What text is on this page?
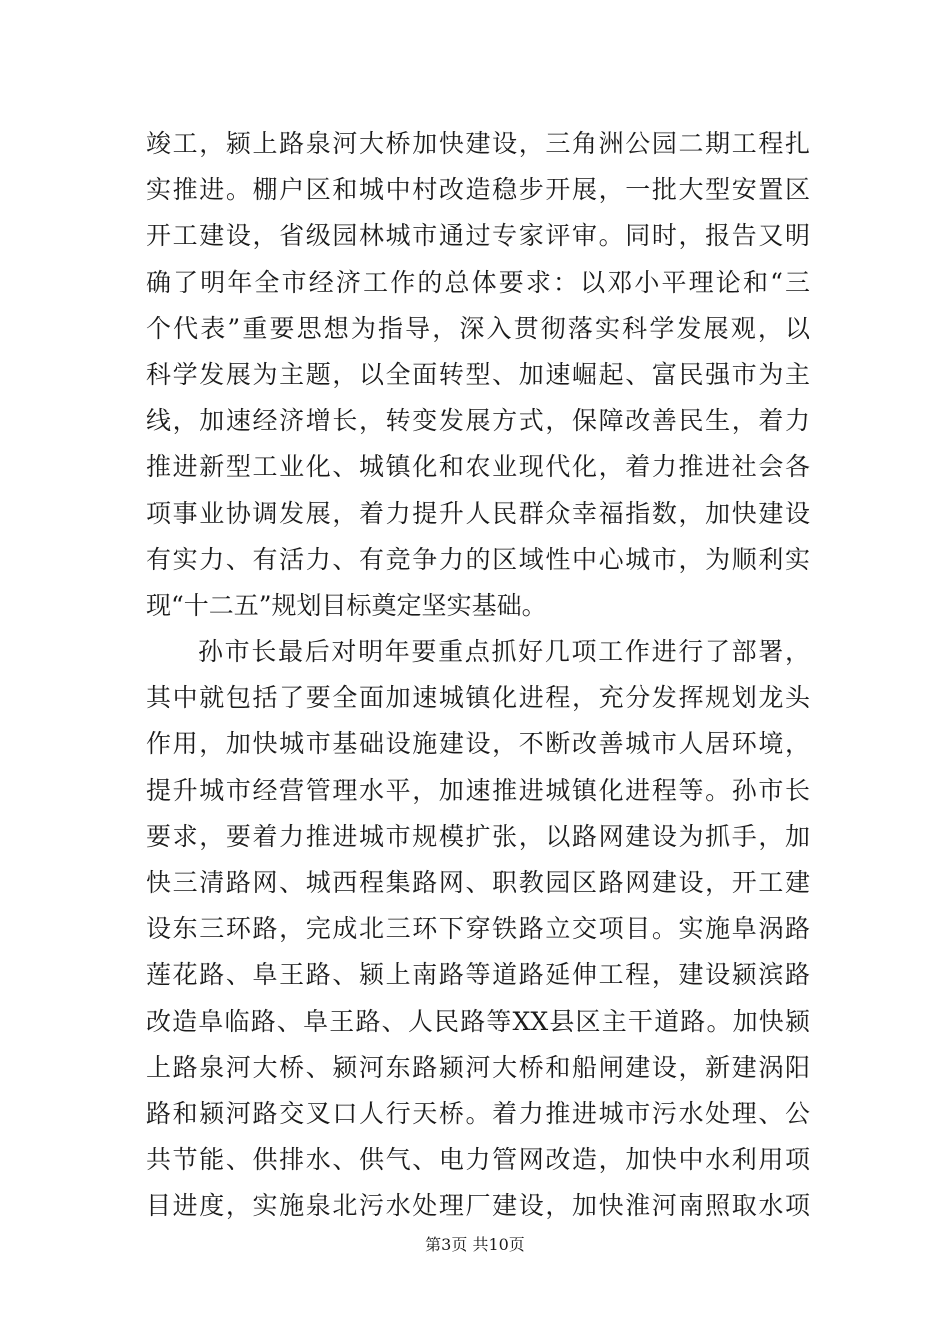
竣工，颍上路泉河大桥加快建设，三角洲公园二期工程扎
实推进。棚户区和城中村改造稳步开展，一批大型安置区
开工建设，省级园林城市通过专家评审。同时，报告又明
确了明年全市经济工作的总体要求：以邓小平理论和“三
个代表”重要思想为指导，深入贯彻落实科学发展观，以
科学发展为主题，以全面转型、加速崛起、富民强市为主
线，加速经济增长，转变发展方式，保障改善民生，着力
推进新型工业化、城镇化和农业现代化，着力推进社会各
项事业协调发展，着力提升人民群众幸福指数，加快建设
有实力、有活力、有竞争力的区域性中心城市，为顺利实
现“十二五”规划目标奠定坚实基础。
孙市长最后对明年要重点抓好几项工作进行了部署，
其中就包括了要全面加速城镇化进程，充分发挥规划龙头
作用，加快城市基础设施建设，不断改善城市人居环境，
提升城市经营管理水平，加速推进城镇化进程等。孙市长
要求，要着力推进城市规模扩张，以路网建设为抓手，加
快三清路网、城西程集路网、职教园区路网建设，开工建
设东三环路，完成北三环下穿铁路立交项目。实施阜涡路
莲花路、阜王路、颍上南路等道路延伸工程，建设颍滨路
改造阜临路、阜王路、人民路等XX县区主干道路。加快颍
上路泉河大桥、颍河东路颍河大桥和船闸建设，新建涡阳
路和颍河路交叉口人行天桥。着力推进城市污水处理、公
共节能、供排水、供气、电力管网改造，加快中水利用项
目进度，实施泉北污水处理厂建设，加快淮河南照取水项
第3页 共10页
